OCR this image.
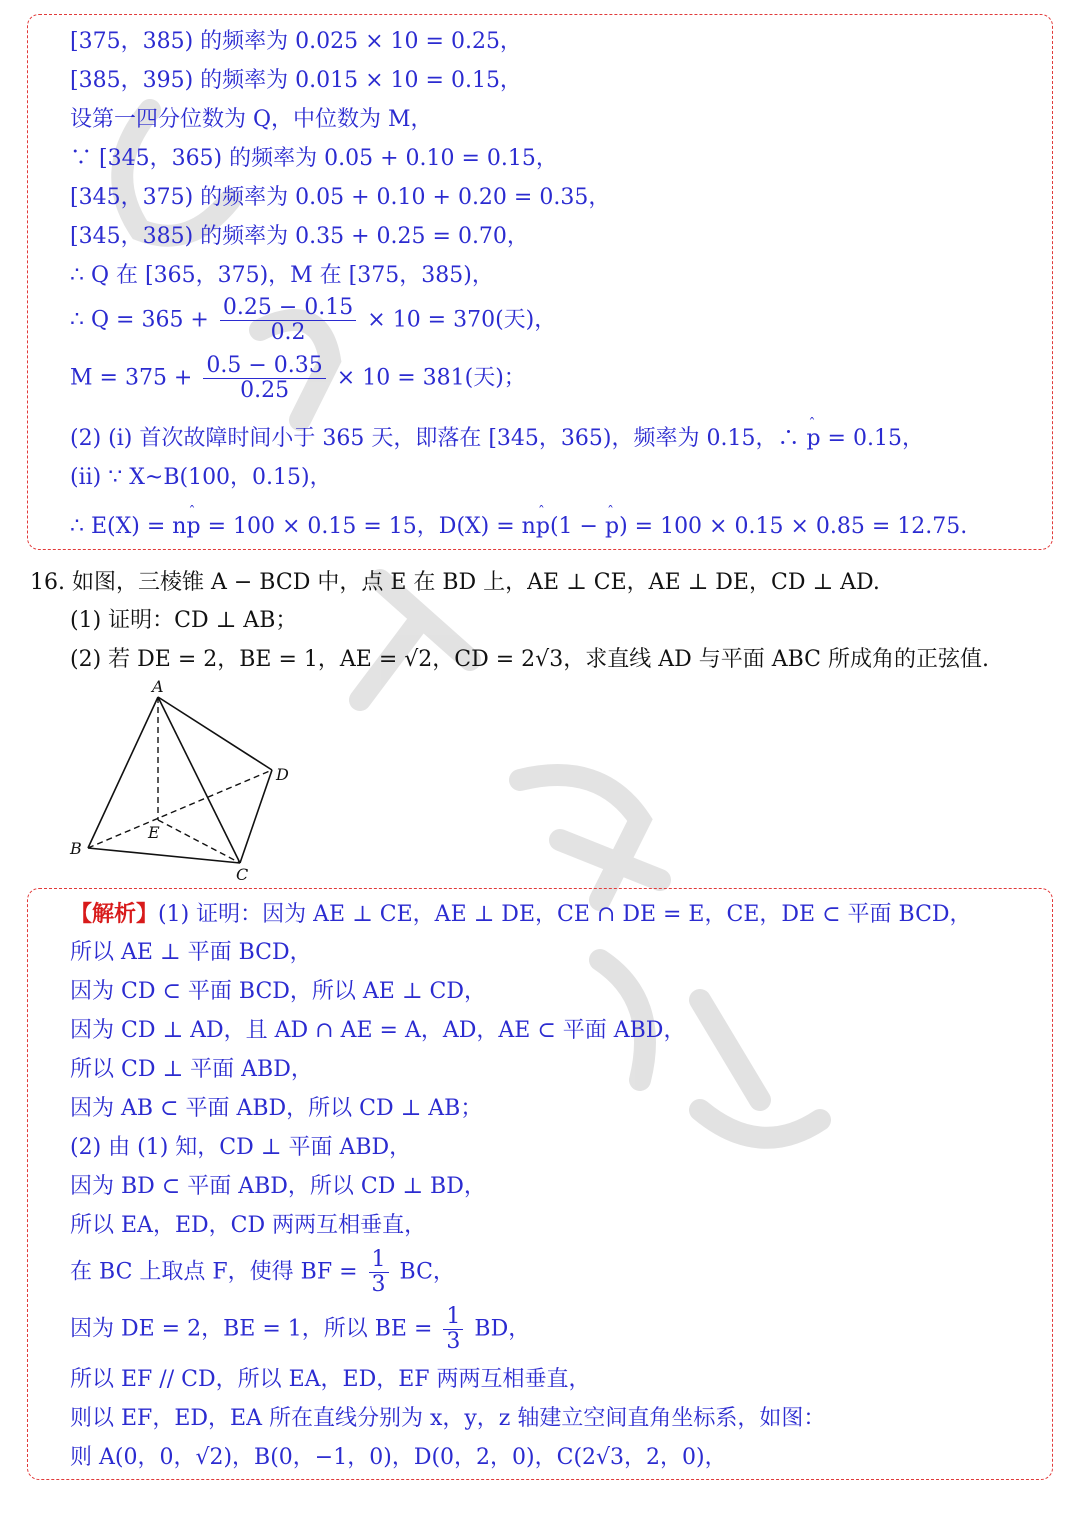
[375，385) 的频率为 0.025 × 10 = 0.25，
[385，395) 的频率为 0.015 × 10 = 0.15，
设第一四分位数为 Q，中位数为 M，
∵ [345，365) 的频率为 0.05 + 0.10 = 0.15，
[345，375) 的频率为 0.05 + 0.10 + 0.20 = 0.35，
[345，385) 的频率为 0.35 + 0.25 = 0.70，
∴ Q 在 [365，375)，M 在 [375，385)，
∴ $Q = 365 + \frac{0.25 - 0.15}{0.2} \times 10 = 370$(天)，
$M = 375 + \frac{0.5 - 0.35}{0.25} \times 10 = 381$(天)；
(2) (i) 首次故障时间小于 365 天，即落在 [345，365)，频率为 0.15，∴ ˆ p = 0.15，
(ii) ∵ X~B(100，0.15)，
∴ E(X) = nˆ p = 100 × 0.15 = 15，D(X) = nˆ p(1 − ˆ p) = 100 × 0.15 × 0.85 = 12.75.
16. 如图，三棱锥 A − BCD 中，点 E 在 BD 上，AE ⊥ CE，AE ⊥ DE，CD ⊥ AD.
(1) 证明：CD ⊥ AB；
(2) 若 DE = 2，BE = 1，AE = √2，CD = 2√3，求直线 AD 与平面 ABC 所成角的正弦值.
A
B
C
D
E
【解析】(1) 证明：因为 AE ⊥ CE，AE ⊥ DE，CE ∩ DE = E，CE，DE ⊂ 平面 BCD，
所以 AE ⊥ 平面 BCD，
因为 CD ⊂ 平面 BCD，所以 AE ⊥ CD，
因为 CD ⊥ AD，且 AD ∩ AE = A，AD，AE ⊂ 平面 ABD，
所以 CD ⊥ 平面 ABD，
因为 AB ⊂ 平面 ABD，所以 CD ⊥ AB；
(2) 由 (1) 知，CD ⊥ 平面 ABD，
因为 BD ⊂ 平面 ABD，所以 CD ⊥ BD，
所以 EA，ED，CD 两两互相垂直，
在 BC 上取点 F，使得 BF = $\frac{1}{3}$ BC，
因为 DE = 2，BE = 1，所以 BE = $\frac{1}{3}$ BD，
所以 EF // CD，所以 EA，ED，EF 两两互相垂直，
则以 EF，ED，EA 所在直线分别为 x，y，z 轴建立空间直角坐标系，如图：
则 A(0，0，√2)，B(0，−1，0)，D(0，2，0)，C(2√3，2，0)，
